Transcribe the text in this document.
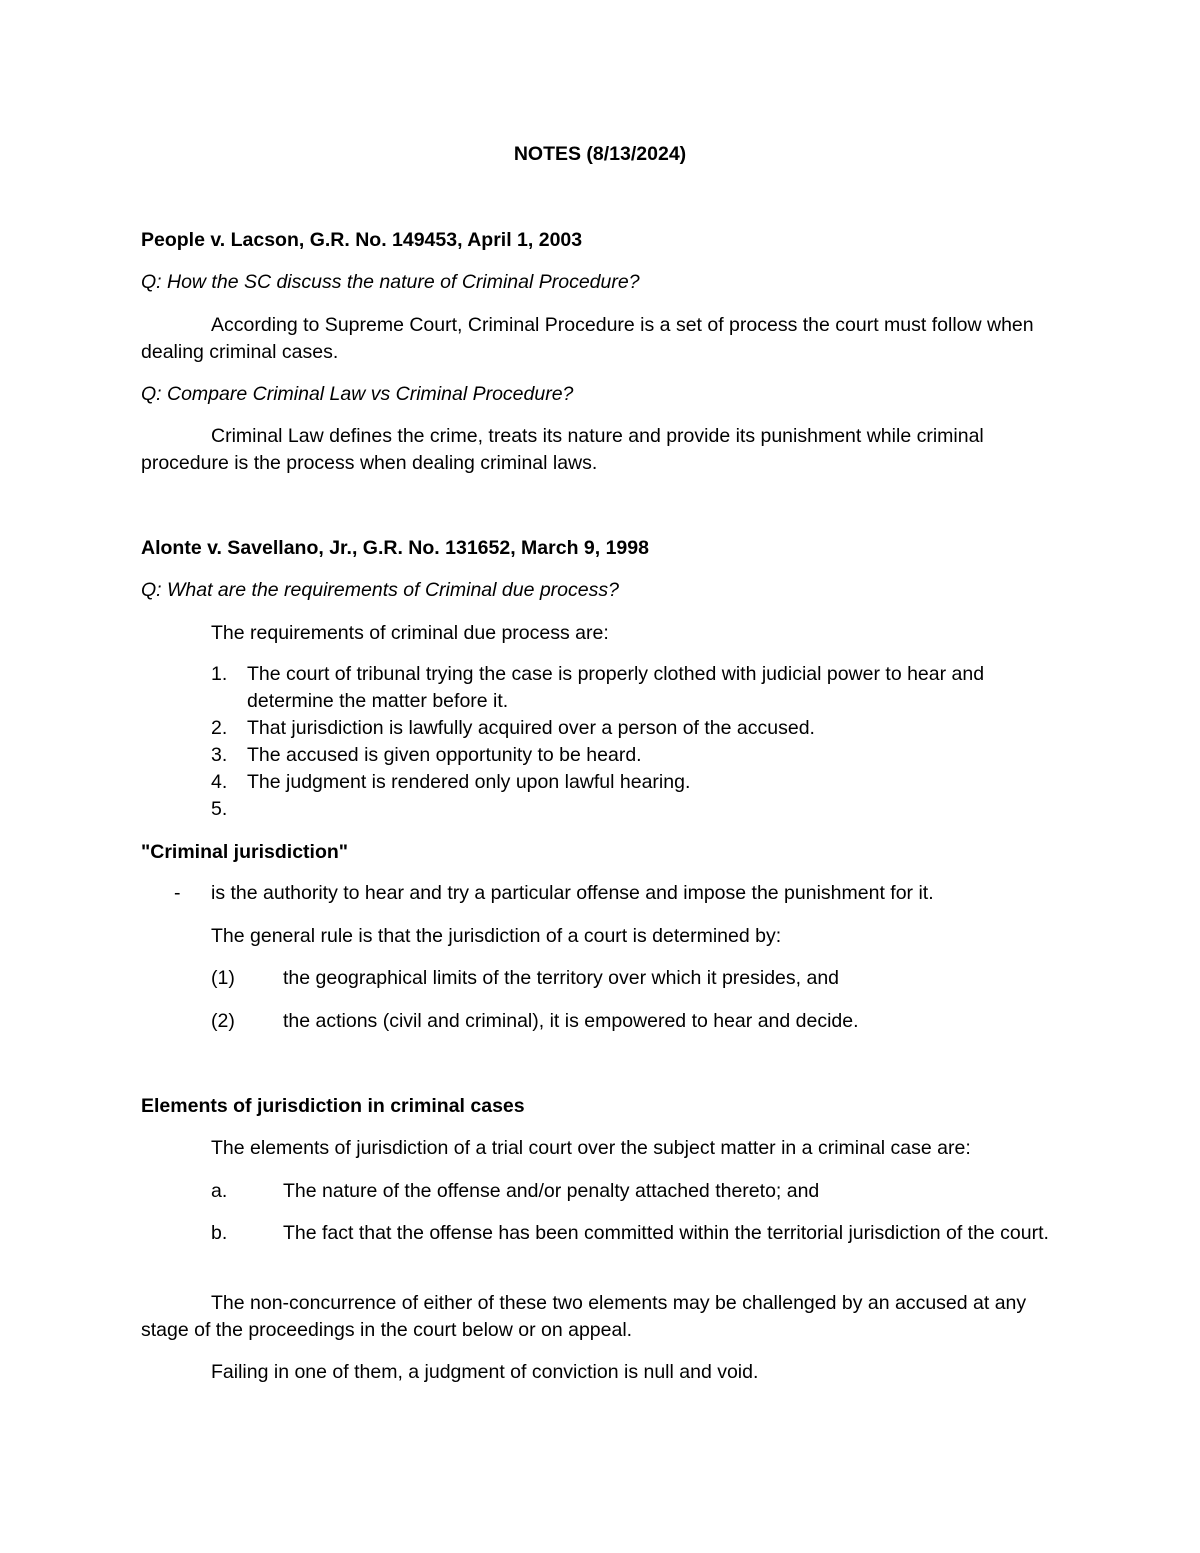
NOTES (8/13/2024)
People v. Lacson, G.R. No. 149453, April 1, 2003
Q: How the SC discuss the nature of Criminal Procedure?
According to Supreme Court, Criminal Procedure is a set of process the court must follow when dealing criminal cases.
Q: Compare Criminal Law vs Criminal Procedure?
Criminal Law defines the crime, treats its nature and provide its punishment while criminal procedure is the process when dealing criminal laws.
Alonte v. Savellano, Jr., G.R. No. 131652, March 9, 1998
Q: What are the requirements of Criminal due process?
The requirements of criminal due process are:
1. The court of tribunal trying the case is properly clothed with judicial power to hear and determine the matter before it.
2. That jurisdiction is lawfully acquired over a person of the accused.
3. The accused is given opportunity to be heard.
4. The judgment is rendered only upon lawful hearing.
5.
"Criminal jurisdiction"
- is the authority to hear and try a particular offense and impose the punishment for it.
The general rule is that the jurisdiction of a court is determined by:
(1) the geographical limits of the territory over which it presides, and
(2) the actions (civil and criminal), it is empowered to hear and decide.
Elements of jurisdiction in criminal cases
The elements of jurisdiction of a trial court over the subject matter in a criminal case are:
a.	The nature of the offense and/or penalty attached thereto; and
b.	The fact that the offense has been committed within the territorial jurisdiction of the court.
The non-concurrence of either of these two elements may be challenged by an accused at any stage of the proceedings in the court below or on appeal.
Failing in one of them, a judgment of conviction is null and void.
